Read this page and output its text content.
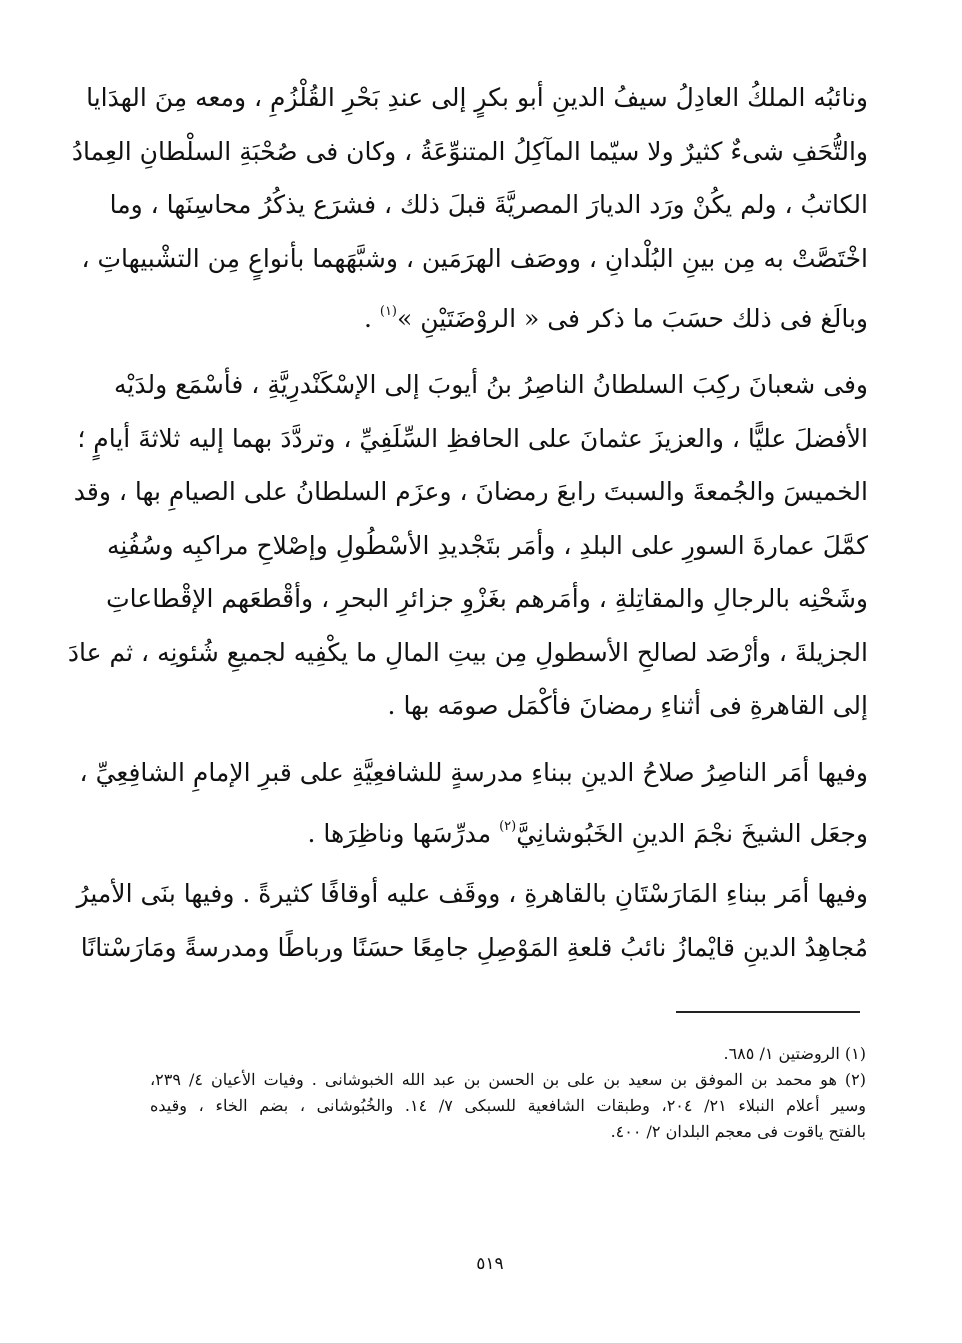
ونائبُه الملكُ العادِلُ سيفُ الدينِ أبو بكرٍ إلى عندِ بَحْرِ القُلْزُمِ ، ومعه مِنَ الهدَايا
والتُّحَفِ شىءٌ كثيرٌ ولا سيّما المآكِلُ المتنوِّعَةُ ، وكان فى صُحْبَةِ السلْطانِ العِمادُ
الكاتبُ ، ولم يكُنْ ورَد الديارَ المصريَّةَ قبلَ ذلك ، فشرَع يذكُرُ محاسِنَها ، وما
اخْتَصَّتْ به مِن بينِ البُلْدانِ ، ووصَف الهرَمَين ، وشبَّهَهما بأنواعٍ مِن التشْبيهاتِ ،
وبالَغ فى ذلك حسَبَ ما ذكر فى « الروْضَتَيْنِ »$^{(١)}$ .
وفى شعبانَ ركِبَ السلطانُ الناصِرُ بنُ أيوبَ إلى الإسْكَنْدرِيَّةِ ، فأسْمَع ولدَيْه
الأفضلَ عليًّا ، والعزيزَ عثمانَ على الحافظِ السِّلَفِيِّ ، وتردَّدَ بهما إليه ثلاثةَ أيامٍ ؛
الخميسَ والجُمعةَ والسبتَ رابعَ رمضانَ ، وعزَم السلطانُ على الصيامِ بها ، وقد
كمَّلَ عمارةَ السورِ على البلدِ ، وأمَر بتَجْديدِ الأسْطُولِ وإصْلاحِ مراكبِه وسُفُنِه
وشَحْنِه بالرجالِ والمقاتِلةِ ، وأمَرهم بغَزْوِ جزائرِ البحرِ ، وأقْطعَهم الإقْطاعاتِ
الجزيلةَ ، وأرْصَد لصالحِ الأسطولِ مِن بيتِ المالِ ما يكْفِيه لجميعِ شُئونِه ، ثم عادَ
إلى القاهرةِ فى أثناءِ رمضانَ فأكْمَل صومَه بها .
وفيها أمَر الناصِرُ صلاحُ الدينِ ببناءِ مدرسةٍ للشافعِيَّةِ على قبرِ الإمامِ الشافِعِيِّ ،
وجعَل الشيخَ نجْمَ الدينِ الخَبُوشانِيَّ$^{(٢)}$ مدرِّسَها وناظِرَها .
وفيها أمَر ببناءِ المَارَسْتَانِ بالقاهرةِ ، ووقَف عليه أوقافًا كثيرةً . وفيها بنَى الأميرُ
مُجاهِدُ الدينِ قايْمازُ نائبُ قلعةِ المَوْصِلِ جامِعًا حسَنًا ورباطًا ومدرسةً ومَارَسْتانًا
(١) الروضتين ١/ ٦٨٥.
(٢) هو محمد بن الموفق بن سعيد بن على بن الحسن بن عبد الله الخبوشانى . وفيات الأعيان ٤/ ٢٣٩،
وسير أعلام النبلاء ٢١/ ٢٠٤، وطبقات الشافعية للسبكى ٧/ ١٤. والخُبُوشانى ، بضم الخاء ، وقيده
بالفتح ياقوت فى معجم البلدان ٢/ ٤٠٠.
٥١٩
